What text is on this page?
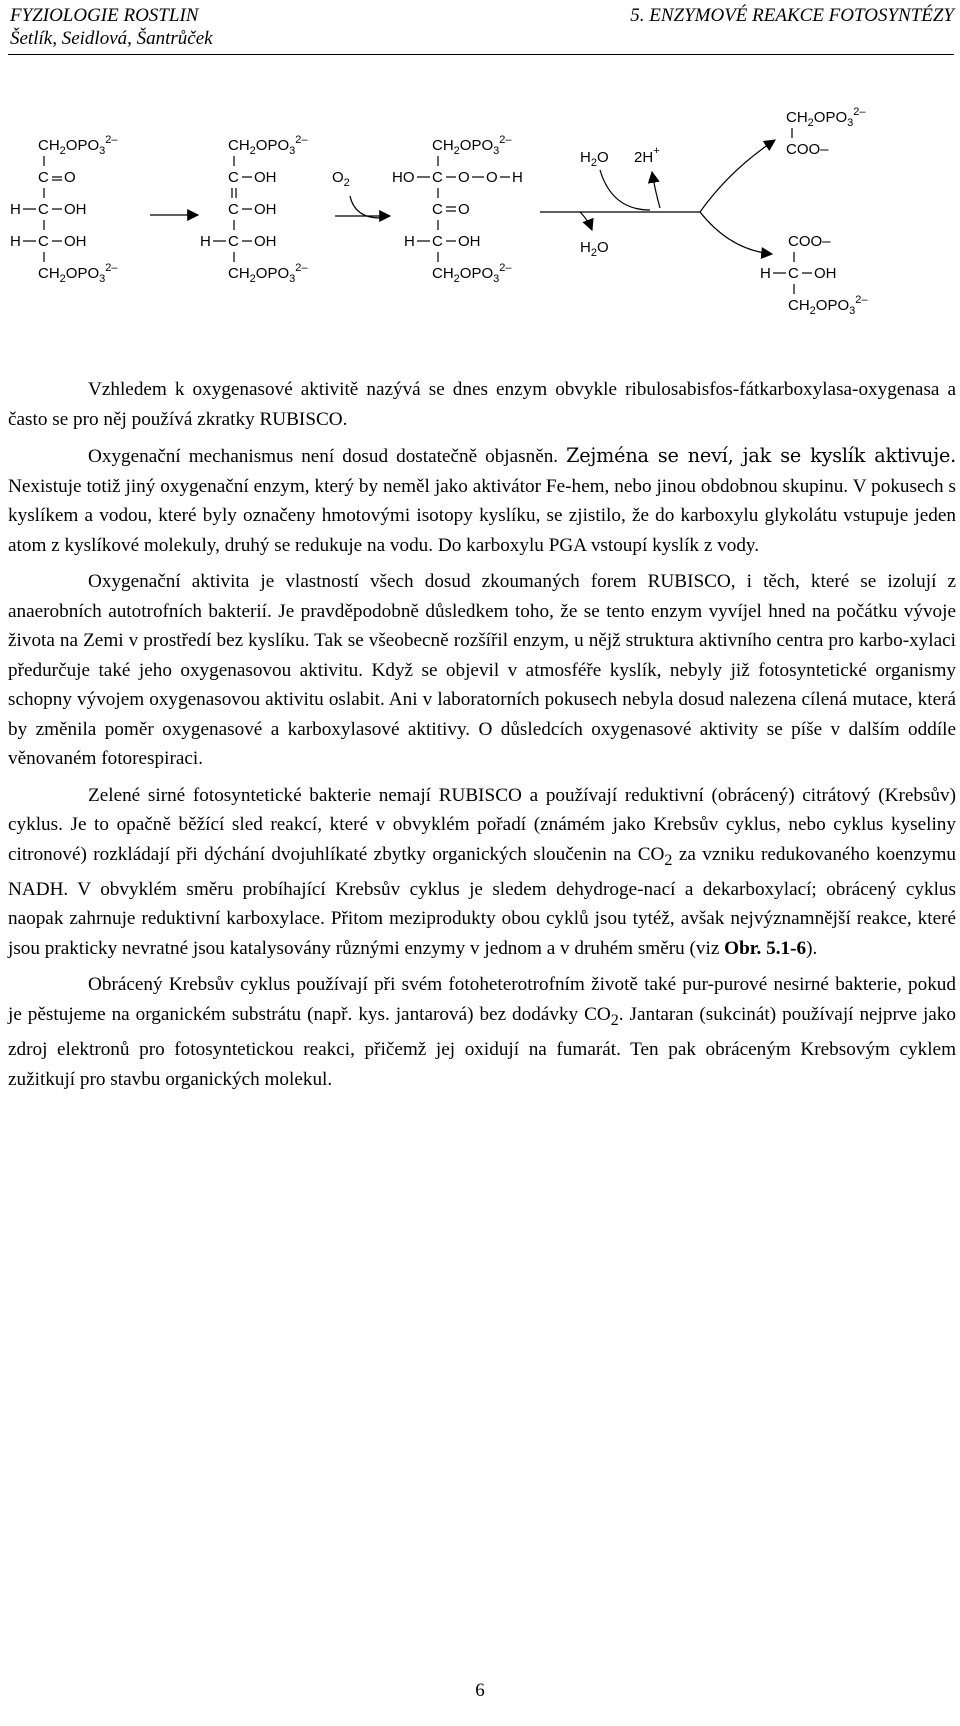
FYZIOLOGIE ROSTLIN	5. ENZYMOVÉ REAKCE FOTOSYNTÉZY
Šetlík, Seidlová, Šantrůček
$CH_2OPO_3^{2-}$
C O
H C OH
H C OH
$CH_2OPO_3^{2-}$
$CH_2OPO_3^{2-}$
C OH
C OH
H C OH
$CH_2OPO_3^{2-}$
$O_2$
$CH_2OPO_3^{2-}$
HO C O O H
C O
H C OH
$CH_2OPO_3^{2-}$
$H_2O$ 2H+
$H_2O$
$CH_2OPO_3^{2-}$
COO–
COO–
H C OH
$CH_2OPO_3^{2-}$

Vzhledem k oxygenasové aktivitě nazývá se dnes enzym obvykle ribulosabisfos-fátkarboxylasa-oxygenasa a často se pro něj používá zkratky RUBISCO.

Oxygenační mechanismus není dosud dostatečně objasněn. Zejména se neví, jak se kyslík aktivuje. Nexistuje totiž jiný oxygenační enzym, který by neměl jako aktivátor Fe-hem, nebo jinou obdobnou skupinu. V pokusech s kyslíkem a vodou, které byly označeny hmotovými isotopy kyslíku, se zjistilo, že do karboxylu glykolátu vstupuje jeden atom z kyslíkové molekuly, druhý se redukuje na vodu. Do karboxylu PGA vstoupí kyslík z vody.

Oxygenační aktivita je vlastností všech dosud zkoumaných forem RUBISCO, i těch, které se izolují z anaerobních autotrofních bakterií. Je pravděpodobně důsledkem toho, že se tento enzym vyvíjel hned na počátku vývoje života na Zemi v prostředí bez kyslíku. Tak se všeobecně rozšířil enzym, u nějž struktura aktivního centra pro karbo-xylaci předurčuje také jeho oxygenasovou aktivitu. Když se objevil v atmosféře kyslík, nebyly již fotosyntetické organismy schopny vývojem oxygenasovou aktivitu oslabit. Ani v laboratorních pokusech nebyla dosud nalezena cílená mutace, která by změnila poměr oxygenasové a karboxylasové aktitivy. O důsledcích oxygenasové aktivity se píše v dalším oddíle věnovaném fotorespiraci.

Zelené sirné fotosyntetické bakterie nemají RUBISCO a používají reduktivní (obrácený) citrátový (Krebsův) cyklus. Je to opačně běžící sled reakcí, které v obvyklém pořadí (známém jako Krebsův cyklus, nebo cyklus kyseliny citronové) rozkládají při dýchání dvojuhlíkaté zbytky organických sloučenin na $CO_2$ za vzniku redukovaného koenzymu NADH. V obvyklém směru probíhající Krebsův cyklus je sledem dehydroge-nací a dekarboxylací; obrácený cyklus naopak zahrnuje reduktivní karboxylace. Přitom meziprodukty obou cyklů jsou tytéž, avšak nejvýznamnější reakce, které jsou prakticky nevratné jsou katalysovány různými enzymy v jednom a v druhém směru (viz Obr. 5.1-6).

Obrácený Krebsův cyklus používají při svém fotoheterotrofním životě také pur-purové nesirné bakterie, pokud je pěstujeme na organickém substrátu (např. kys. jantarová) bez dodávky $CO_2$. Jantaran (sukcinát) používají nejprve jako zdroj elektronů pro fotosyntetickou reakci, přičemž jej oxidují na fumarát. Ten pak obráceným Krebsovým cyklem zužitkují pro stavbu organických molekul.

6
